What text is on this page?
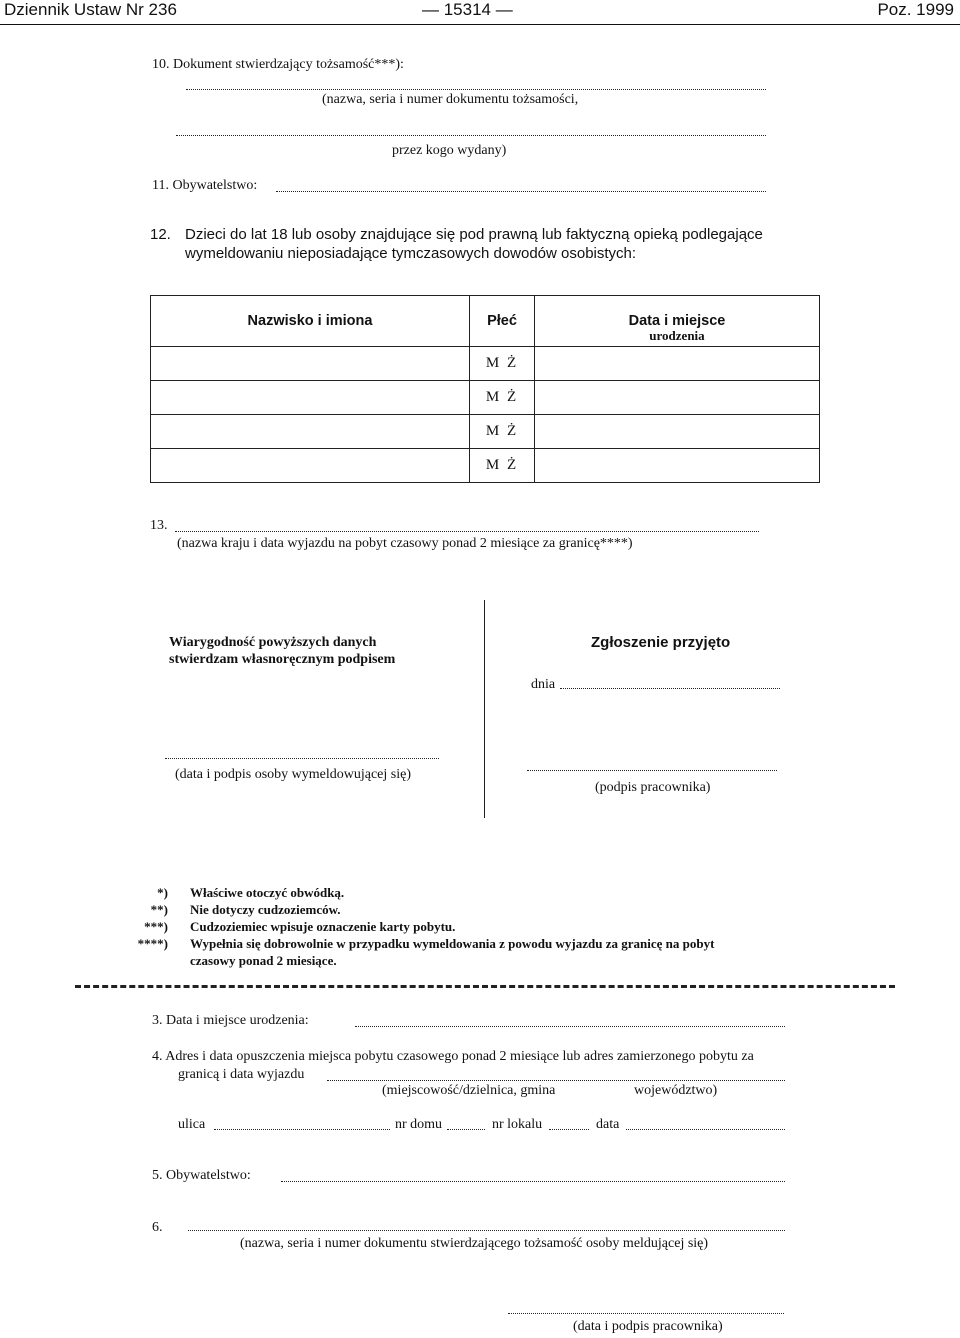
Dziennik Ustaw Nr 236	— 15314 —	Poz. 1999
10. Dokument stwierdzający tożsamość***):
(nazwa, seria i numer dokumentu tożsamości,
przez kogo wydany)
11. Obywatelstwo:
12. Dzieci do lat 18 lub osoby znajdujące się pod prawną lub faktyczną opieką podlegające
wymeldowaniu nieposiadające tymczasowych dowodów osobistych:
Nazwisko i imiona	Płeć	Data i miejsce
urodzenia

	M Ż	
	M Ż	
	M Ż	
	M Ż	
13.
(nazwa kraju i data wyjazdu na pobyt czasowy ponad 2 miesiące za granicę****)
Wiarygodność powyższych danych
stwierdzam własnoręcznym podpisem
(data i podpis osoby wymeldowującej się)
Zgłoszenie przyjęto
dnia
(podpis pracownika)
*) Właściwe otoczyć obwódką.
**) Nie dotyczy cudzoziemców.
***) Cudzoziemiec wpisuje oznaczenie karty pobytu.
****) Wypełnia się dobrowolnie w przypadku wymeldowania z powodu wyjazdu za granicę na pobyt
czasowy ponad 2 miesiące.
3. Data i miejsce urodzenia:
4. Adres i data opuszczenia miejsca pobytu czasowego ponad 2 miesiące lub adres zamierzonego pobytu za
granicą i data wyjazdu
(miejscowość/dzielnica, gmina	województwo)
ulica	nr domu	nr lokalu	data
5. Obywatelstwo:
6.
(nazwa, seria i numer dokumentu stwierdzającego tożsamość osoby meldującej się)
(data i podpis pracownika)
